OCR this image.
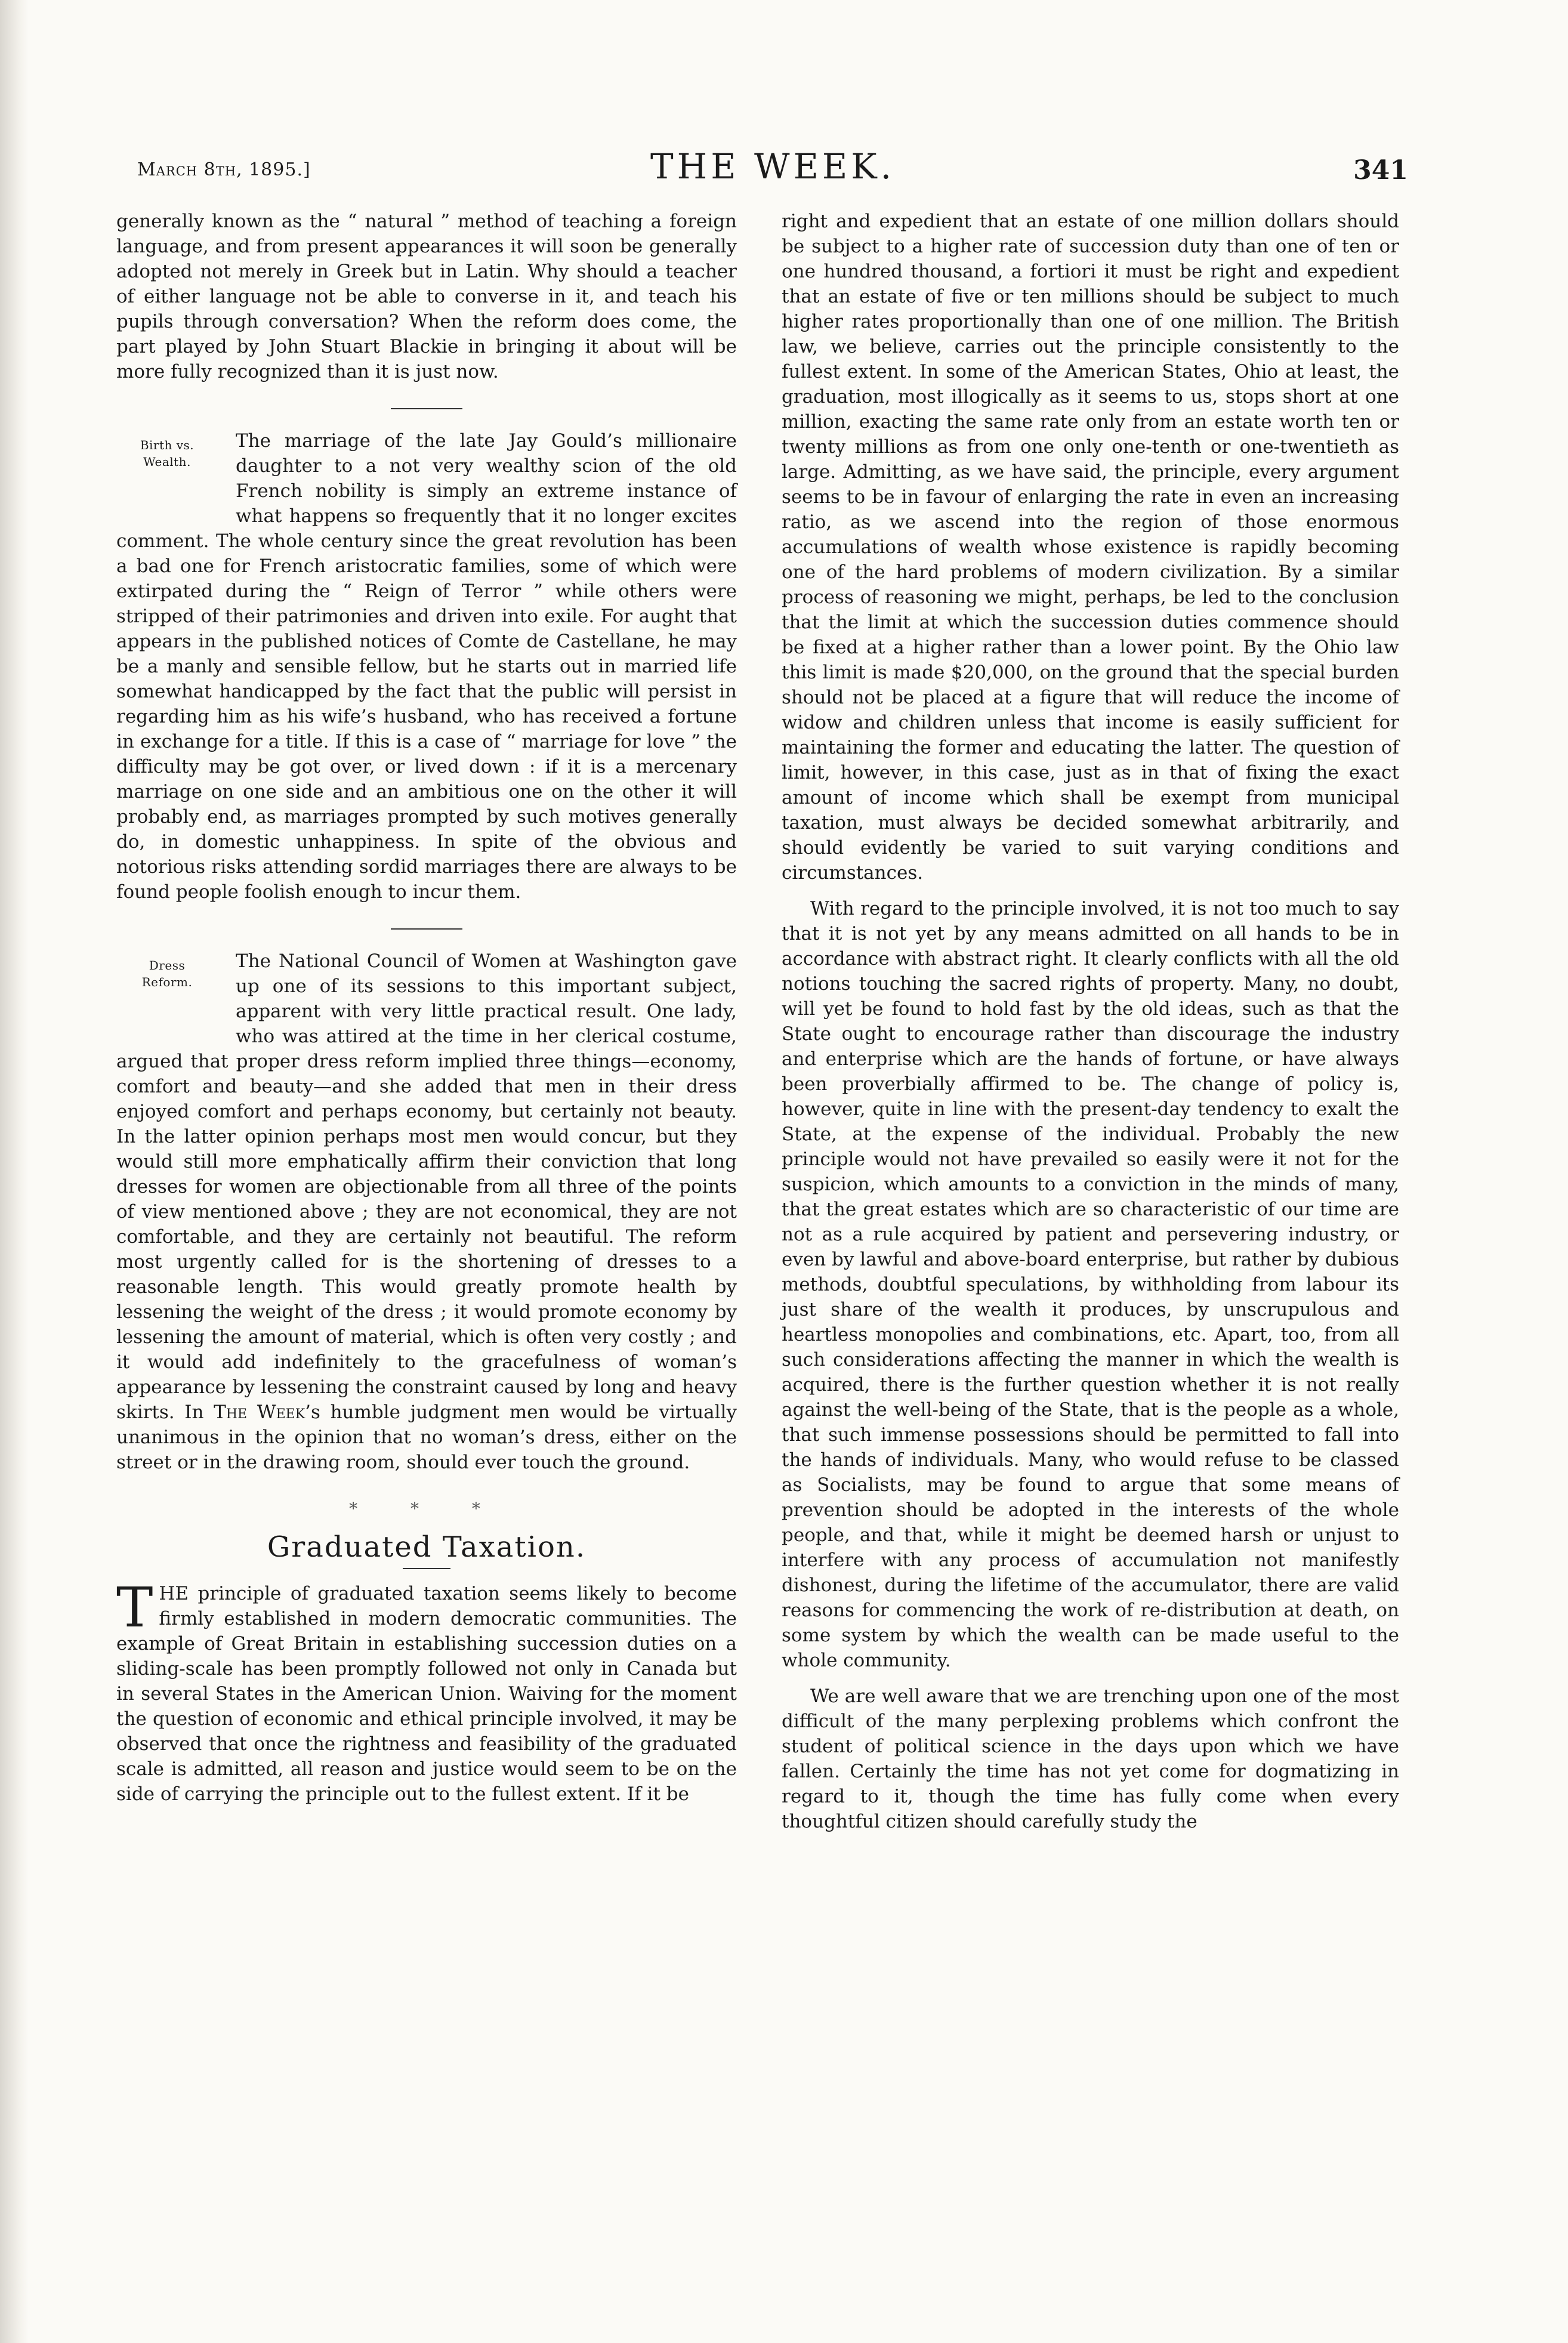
March 8th, 1895.]	THE WEEK.	341

generally known as the “ natural ” method of teaching a foreign language, and from present appearances it will soon be generally adopted not merely in Greek but in Latin. Why should a teacher of either language not be able to converse in it, and teach his pupils through conversation? When the reform does come, the part played by John Stuart Blackie in bringing it about will be more fully recognized than it is just now.

Birth vs.
Wealth.

The marriage of the late Jay Gould’s millionaire daughter to a not very wealthy scion of the old French nobility is simply an extreme instance of what happens so frequently that it no longer excites comment. The whole century since the great revolution has been a bad one for French aristocratic families, some of which were extirpated during the “ Reign of Terror ” while others were stripped of their patrimonies and driven into exile. For aught that appears in the published notices of Comte de Castellane, he may be a manly and sensible fellow, but he starts out in married life somewhat handicapped by the fact that the public will persist in regarding him as his wife’s husband, who has received a fortune in exchange for a title. If this is a case of “ marriage for love ” the difficulty may be got over, or lived down : if it is a mercenary marriage on one side and an ambitious one on the other it will probably end, as marriages prompted by such motives generally do, in domestic unhappiness. In spite of the obvious and notorious risks attending sordid marriages there are always to be found people foolish enough to incur them.

Dress
Reform.

The National Council of Women at Washington gave up one of its sessions to this important subject, apparent with very little practical result. One lady, who was attired at the time in her clerical costume, argued that proper dress reform implied three things—economy, comfort and beauty—and she added that men in their dress enjoyed comfort and perhaps economy, but certainly not beauty. In the latter opinion perhaps most men would concur, but they would still more emphatically affirm their conviction that long dresses for women are objectionable from all three of the points of view mentioned above ; they are not economical, they are not comfortable, and they are certainly not beautiful. The reform most urgently called for is the shortening of dresses to a reasonable length. This would greatly promote health by lessening the weight of the dress ; it would promote economy by lessening the amount of material, which is often very costly ; and it would add indefinitely to the gracefulness of woman’s appearance by lessening the constraint caused by long and heavy skirts. In The Week’s humble judgment men would be virtually unanimous in the opinion that no woman’s dress, either on the street or in the drawing room, should ever touch the ground.

* * *
Graduated Taxation.

THE principle of graduated taxation seems likely to become firmly established in modern democratic communities. The example of Great Britain in establishing succession duties on a sliding-scale has been promptly followed not only in Canada but in several States in the American Union. Waiving for the moment the question of economic and ethical principle involved, it may be observed that once the rightness and feasibility of the graduated scale is admitted, all reason and justice would seem to be on the side of carrying the principle out to the fullest extent. If it be

right and expedient that an estate of one million dollars should be subject to a higher rate of succession duty than one of ten or one hundred thousand, a fortiori it must be right and expedient that an estate of five or ten millions should be subject to much higher rates proportionally than one of one million. The British law, we believe, carries out the principle consistently to the fullest extent. In some of the American States, Ohio at least, the graduation, most illogically as it seems to us, stops short at one million, exacting the same rate only from an estate worth ten or twenty millions as from one only one-tenth or one-twentieth as large. Admitting, as we have said, the principle, every argument seems to be in favour of enlarging the rate in even an increasing ratio, as we ascend into the region of those enormous accumulations of wealth whose existence is rapidly becoming one of the hard problems of modern civilization. By a similar process of reasoning we might, perhaps, be led to the conclusion that the limit at which the succession duties commence should be fixed at a higher rather than a lower point. By the Ohio law this limit is made $20,000, on the ground that the special burden should not be placed at a figure that will reduce the income of widow and children unless that income is easily sufficient for maintaining the former and educating the latter. The question of limit, however, in this case, just as in that of fixing the exact amount of income which shall be exempt from municipal taxation, must always be decided somewhat arbitrarily, and should evidently be varied to suit varying conditions and circumstances.

With regard to the principle involved, it is not too much to say that it is not yet by any means admitted on all hands to be in accordance with abstract right. It clearly conflicts with all the old notions touching the sacred rights of property. Many, no doubt, will yet be found to hold fast by the old ideas, such as that the State ought to encourage rather than discourage the industry and enterprise which are the hands of fortune, or have always been proverbially affirmed to be. The change of policy is, however, quite in line with the present-day tendency to exalt the State, at the expense of the individual. Probably the new principle would not have prevailed so easily were it not for the suspicion, which amounts to a conviction in the minds of many, that the great estates which are so characteristic of our time are not as a rule acquired by patient and persevering industry, or even by lawful and above-board enterprise, but rather by dubious methods, doubtful speculations, by withholding from labour its just share of the wealth it produces, by unscrupulous and heartless monopolies and combinations, etc. Apart, too, from all such considerations affecting the manner in which the wealth is acquired, there is the further question whether it is not really against the well-being of the State, that is the people as a whole, that such immense possessions should be permitted to fall into the hands of individuals. Many, who would refuse to be classed as Socialists, may be found to argue that some means of prevention should be adopted in the interests of the whole people, and that, while it might be deemed harsh or unjust to interfere with any process of accumulation not manifestly dishonest, during the lifetime of the accumulator, there are valid reasons for commencing the work of re-distribution at death, on some system by which the wealth can be made useful to the whole community.

We are well aware that we are trenching upon one of the most difficult of the many perplexing problems which confront the student of political science in the days upon which we have fallen. Certainly the time has not yet come for dogmatizing in regard to it, though the time has fully come when every thoughtful citizen should carefully study the
